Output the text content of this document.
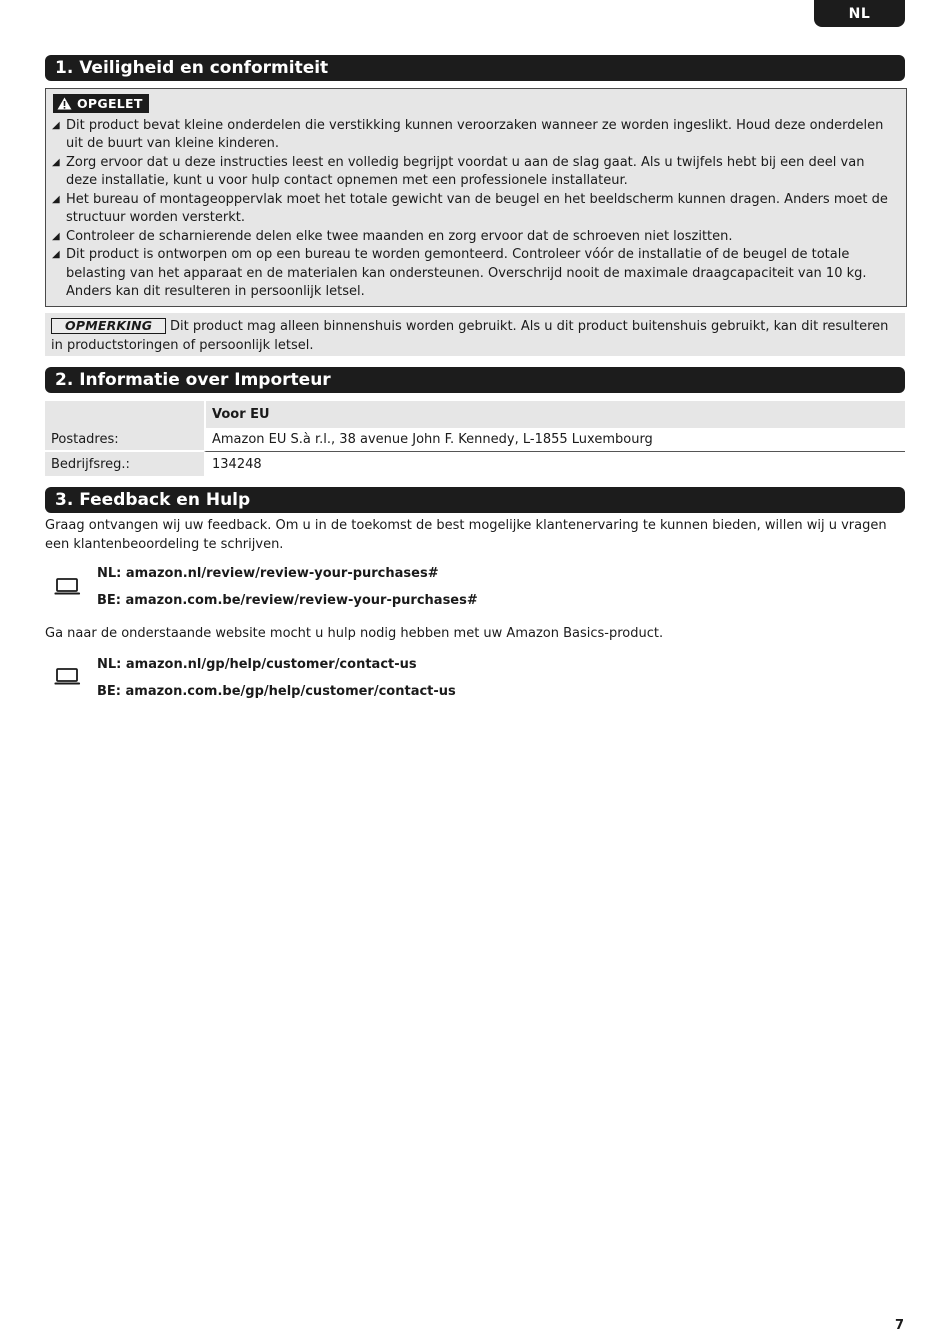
NL
1. Veiligheid en conformiteit
OPGELET
◢ Dit product bevat kleine onderdelen die verstikking kunnen veroorzaken wanneer ze worden ingeslikt. Houd deze onderdelen uit de buurt van kleine kinderen.
◢ Zorg ervoor dat u deze instructies leest en volledig begrijpt voordat u aan de slag gaat. Als u twijfels hebt bij een deel van deze installatie, kunt u voor hulp contact opnemen met een professionele installateur.
◢ Het bureau of montageoppervlak moet het totale gewicht van de beugel en het beeldscherm kunnen dragen. Anders moet de structuur worden versterkt.
◢ Controleer de scharnierende delen elke twee maanden en zorg ervoor dat de schroeven niet loszitten.
◢ Dit product is ontworpen om op een bureau te worden gemonteerd. Controleer vóór de installatie of de beugel de totale belasting van het apparaat en de materialen kan ondersteunen. Overschrijd nooit de maximale draagcapaciteit van 10 kg. Anders kan dit resulteren in persoonlijk letsel.
OPMERKING Dit product mag alleen binnenshuis worden gebruikt. Als u dit product buitenshuis gebruikt, kan dit resulteren in productstoringen of persoonlijk letsel.
2. Informatie over Importeur
	Voor EU
Postadres:	Amazon EU S.à r.l., 38 avenue John F. Kennedy, L-1855 Luxembourg
Bedrijfsreg.:	134248
3. Feedback en Hulp
Graag ontvangen wij uw feedback. Om u in de toekomst de best mogelijke klantenervaring te kunnen bieden, willen wij u vragen een klantenbeoordeling te schrijven.
NL: amazon.nl/review/review-your-purchases#
BE: amazon.com.be/review/review-your-purchases#
Ga naar de onderstaande website mocht u hulp nodig hebben met uw Amazon Basics-product.
NL: amazon.nl/gp/help/customer/contact-us
BE: amazon.com.be/gp/help/customer/contact-us
7
